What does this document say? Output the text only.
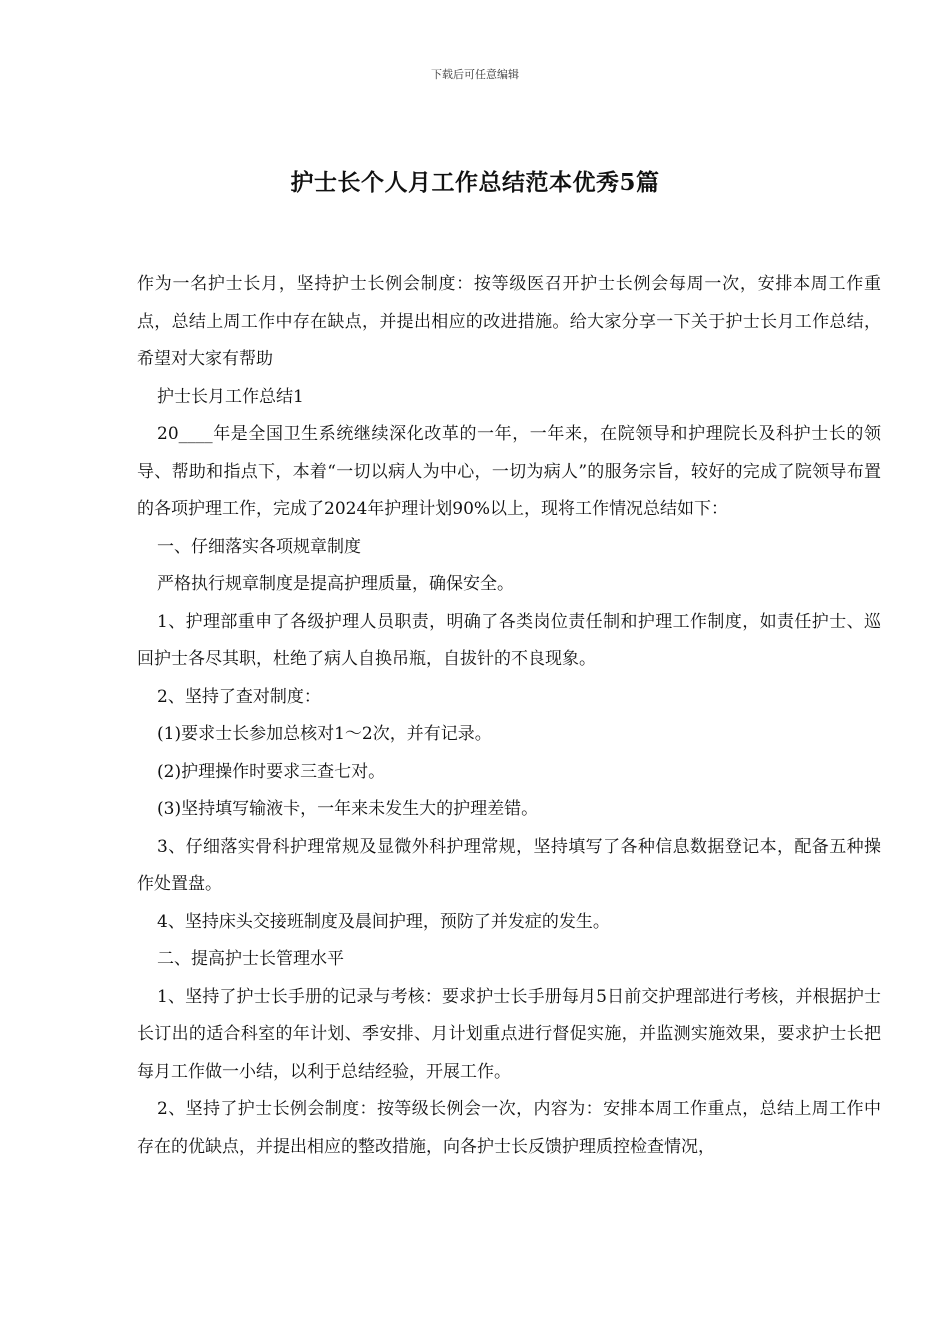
下载后可任意编辑
护士长个人月工作总结范本优秀5篇

作为一名护士长月，坚持护士长例会制度：按等级医召开护士长例会每周一次，安排本周工作重点，总结上周工作中存在缺点，并提出相应的改进措施。给大家分享一下关于护士长月工作总结，希望对大家有帮助

护士长月工作总结1

20____年是全国卫生系统继续深化改革的一年，一年来，在院领导和护理院长及科护士长的领导、帮助和指点下，本着“一切以病人为中心，一切为病人”的服务宗旨，较好的完成了院领导布置的各项护理工作，完成了2024年护理计划90%以上，现将工作情况总结如下：

一、仔细落实各项规章制度

严格执行规章制度是提高护理质量，确保安全。

1、护理部重申了各级护理人员职责，明确了各类岗位责任制和护理工作制度，如责任护士、巡回护士各尽其职，杜绝了病人自换吊瓶，自拔针的不良现象。

2、坚持了查对制度：

(1)要求士长参加总核对1～2次，并有记录。

(2)护理操作时要求三查七对。

(3)坚持填写输液卡，一年来未发生大的护理差错。

3、仔细落实骨科护理常规及显微外科护理常规，坚持填写了各种信息数据登记本，配备五种操作处置盘。

4、坚持床头交接班制度及晨间护理，预防了并发症的发生。

二、提高护士长管理水平

1、坚持了护士长手册的记录与考核：要求护士长手册每月5日前交护理部进行考核，并根据护士长订出的适合科室的年计划、季安排、月计划重点进行督促实施，并监测实施效果，要求护士长把每月工作做一小结，以利于总结经验，开展工作。

2、坚持了护士长例会制度：按等级长例会一次，内容为：安排本周工作重点，总结上周工作中存在的优缺点，并提出相应的整改措施，向各护士长反馈护理质控检查情况，
